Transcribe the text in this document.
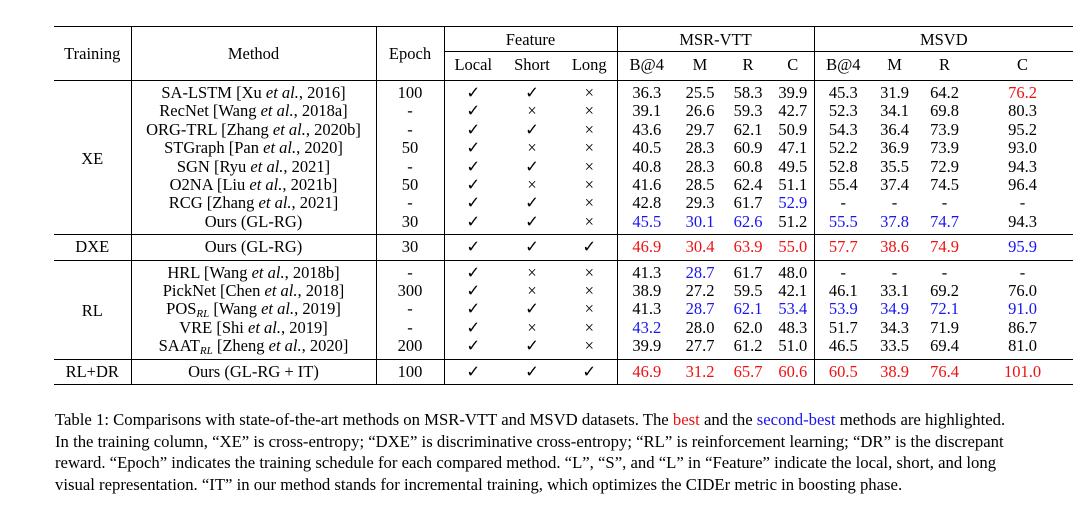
Training	Method	Epoch	Feature			MSR-VTT				MSVD			
			Local	Short	Long	B@4	M	R	C	B@4	M	R	C
XE	SA-LSTM [Xu et al., 2016]	100	✓	✓	×	36.3	25.5	58.3	39.9	45.3	31.9	64.2	76.2
	RecNet [Wang et al., 2018a]	-	✓	×	×	39.1	26.6	59.3	42.7	52.3	34.1	69.8	80.3
	ORG-TRL [Zhang et al., 2020b]	-	✓	✓	×	43.6	29.7	62.1	50.9	54.3	36.4	73.9	95.2
	STGraph [Pan et al., 2020]	50	✓	×	×	40.5	28.3	60.9	47.1	52.2	36.9	73.9	93.0
	SGN [Ryu et al., 2021]	-	✓	✓	×	40.8	28.3	60.8	49.5	52.8	35.5	72.9	94.3
	O2NA [Liu et al., 2021b]	50	✓	×	×	41.6	28.5	62.4	51.1	55.4	37.4	74.5	96.4
	RCG [Zhang et al., 2021]	-	✓	✓	×	42.8	29.3	61.7	52.9	-	-	-	-
	Ours (GL-RG)	30	✓	✓	×	45.5	30.1	62.6	51.2	55.5	37.8	74.7	94.3
DXE	Ours (GL-RG)	30	✓	✓	✓	46.9	30.4	63.9	55.0	57.7	38.6	74.9	95.9
RL	HRL [Wang et al., 2018b]	-	✓	×	×	41.3	28.7	61.7	48.0	-	-	-	-
	PickNet [Chen et al., 2018]	300	✓	×	×	38.9	27.2	59.5	42.1	46.1	33.1	69.2	76.0
	$POS_{RL}$ [Wang et al., 2019]	-	✓	✓	×	41.3	28.7	62.1	53.4	53.9	34.9	72.1	91.0
	VRE [Shi et al., 2019]	-	✓	×	×	43.2	28.0	62.0	48.3	51.7	34.3	71.9	86.7
	$SAAT_{RL}$ [Zheng et al., 2020]	200	✓	✓	×	39.9	27.7	61.2	51.0	46.5	33.5	69.4	81.0
RL+DR	Ours (GL-RG + IT)	100	✓	✓	✓	46.9	31.2	65.7	60.6	60.5	38.9	76.4	101.0
Table 1: Comparisons with state-of-the-art methods on MSR-VTT and MSVD datasets. The best and the second-best methods are highlighted.
In the training column, “XE” is cross-entropy; “DXE” is discriminative cross-entropy; “RL” is reinforcement learning; “DR” is the discrepant
reward. “Epoch” indicates the training schedule for each compared method. “L”, “S”, and “L” in “Feature” indicate the local, short, and long
visual representation. “IT” in our method stands for incremental training, which optimizes the CIDEr metric in boosting phase.
